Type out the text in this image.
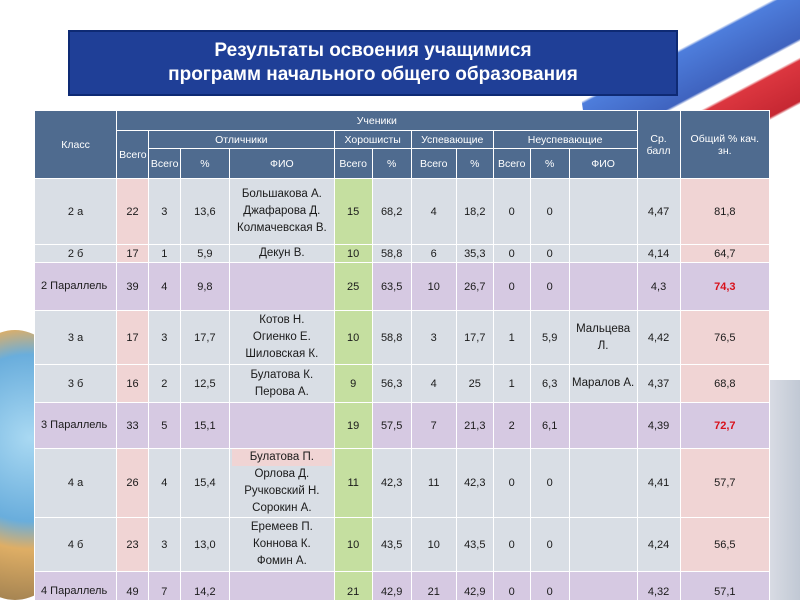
Результаты освоения учащимися
программ начального общего образования
Класс	Ученики											Ср. балл	Общий % кач. зн.
	Всего	Отличники			Хорошисты		Успевающие		Неуспевающие				
		Всего	%	ФИО	Всего	%	Всего	%	Всего	%	ФИО		
2 а	22	3	13,6	Большакова А.
Джафарова Д.
Колмачевская В.	15	68,2	4	18,2	0	0		4,47	81,8
2 б	17	1	5,9	Декун В.	10	58,8	6	35,3	0	0		4,14	64,7
2 Параллель	39	4	9,8		25	63,5	10	26,7	0	0		4,3	74,3
3 а	17	3	17,7	Котов Н.
Огиенко Е.
Шиловская К.	10	58,8	3	17,7	1	5,9	Мальцева Л.	4,42	76,5
3 б	16	2	12,5	Булатова К.
Перова А.	9	56,3	4	25	1	6,3	Маралов А.	4,37	68,8
3 Параллель	33	5	15,1		19	57,5	7	21,3	2	6,1		4,39	72,7
4 а	26	4	15,4	Булатова П.
Орлова Д.
Ручковский Н.
Сорокин А.	11	42,3	11	42,3	0	0		4,41	57,7
4 б	23	3	13,0	Еремеев П.
Коннова К.
Фомин А.	10	43,5	10	43,5	0	0		4,24	56,5
4 Параллель	49	7	14,2		21	42,9	21	42,9	0	0		4,32	57,1
